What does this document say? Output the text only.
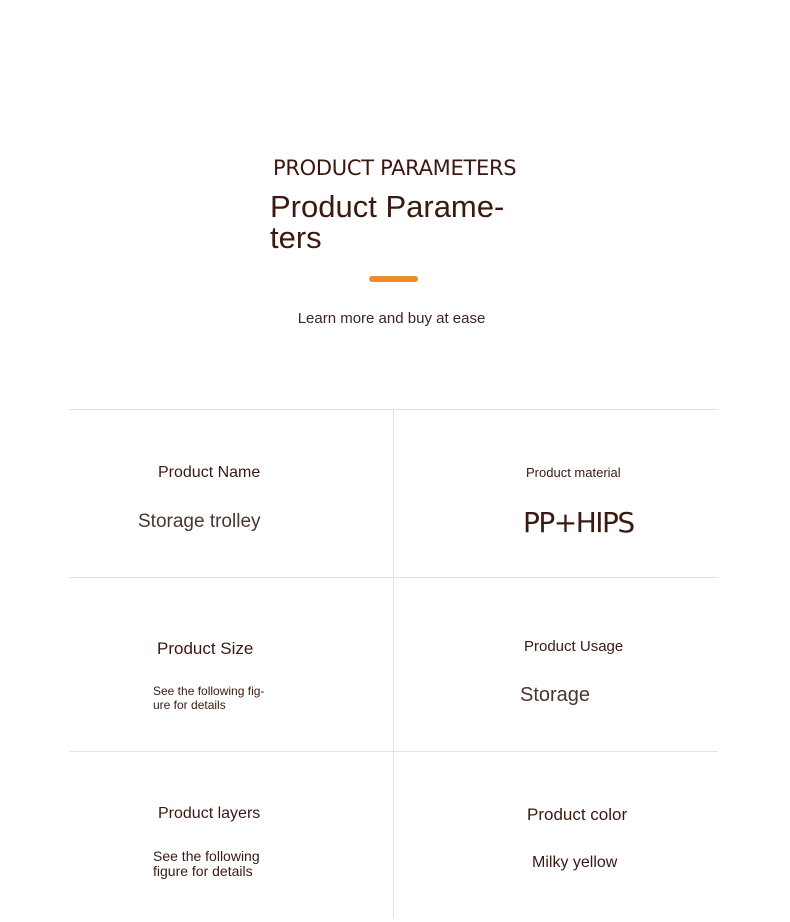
PRODUCT PARAMETERS
Product Parame-
ters
Learn more and buy at ease
Product Name
Storage trolley
Product material
PP+HIPS
Product Size
See the following fig-
ure for details
Product Usage
Storage
Product layers
See the following
figure for details
Product color
Milky yellow
